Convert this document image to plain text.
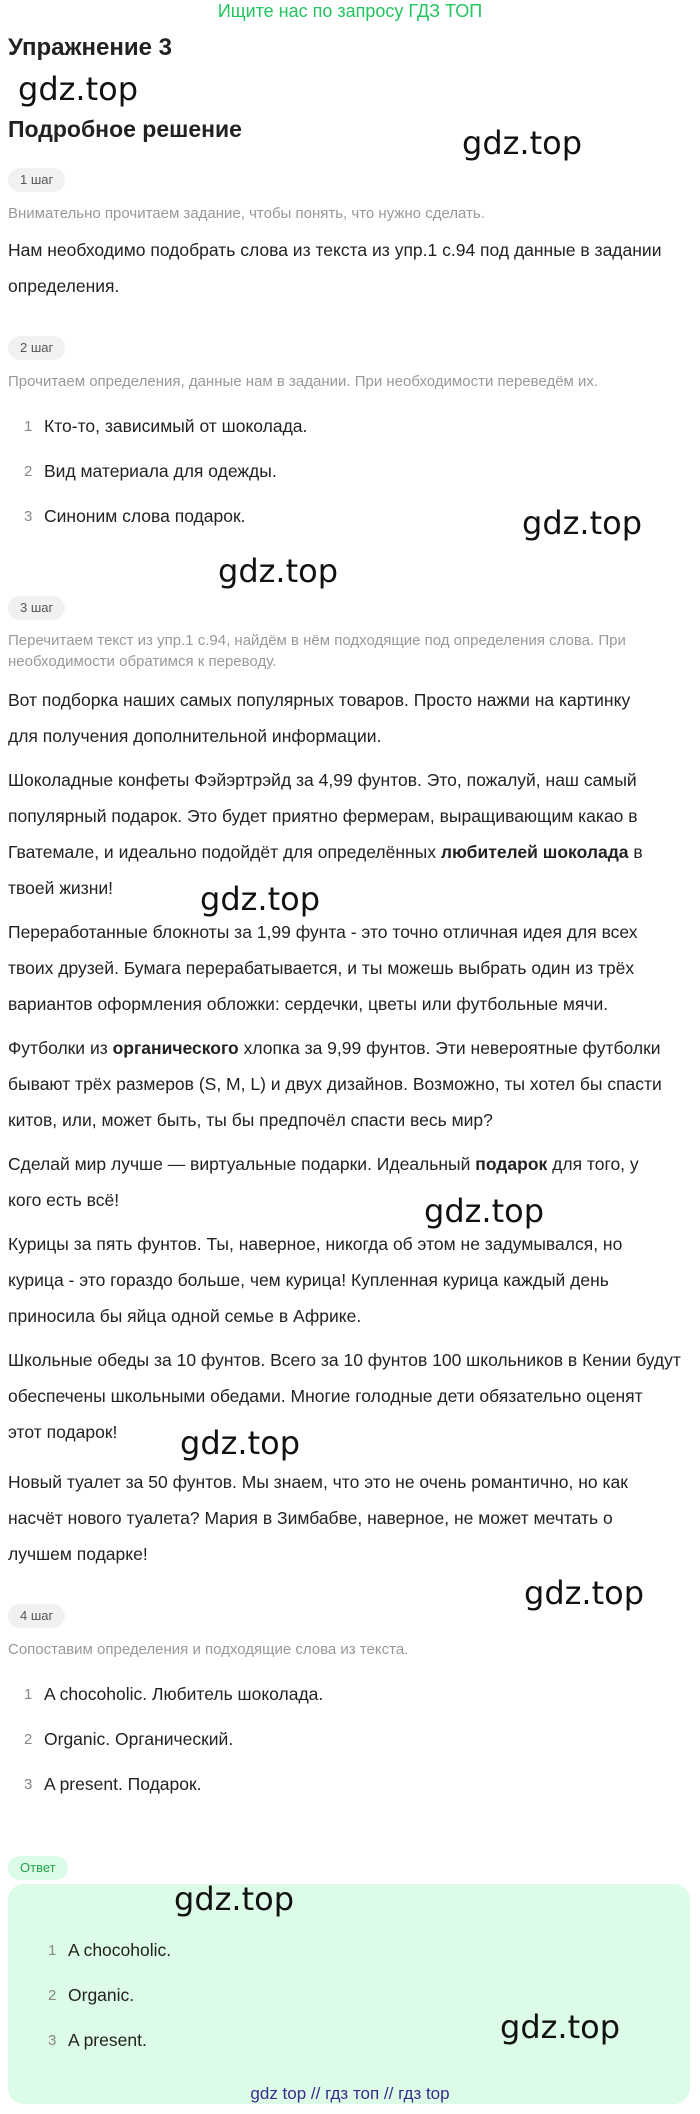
Ищите нас по запросу ГДЗ ТОП
Упражнение 3
gdz.top
Подробное решение	gdz.top
1 шаг
Внимательно прочитаем задание, чтобы понять, что нужно сделать.
Нам необходимо подобрать слова из текста из упр.1 с.94 под данные в задании
определения.
2 шаг
Прочитаем определения, данные нам в задании. При необходимости переведём их.
1 Кто-то, зависимый от шоколада.
2 Вид материала для одежды.
3 Синоним слова подарок.	gdz.top
gdz.top
3 шаг
Перечитаем текст из упр.1 с.94, найдём в нём подходящие под определения слова. При
необходимости обратимся к переводу.
Вот подборка наших самых популярных товаров. Просто нажми на картинку
для получения дополнительной информации.
Шоколадные конфеты Фэйэртрэйд за 4,99 фунтов. Это, пожалуй, наш самый
популярный подарок. Это будет приятно фермерам, выращивающим какао в
Гватемале, и идеально подойдёт для определённых любителей шоколада в
твоей жизни!	gdz.top
Переработанные блокноты за 1,99 фунта - это точно отличная идея для всех
твоих друзей. Бумага перерабатывается, и ты можешь выбрать один из трёх
вариантов оформления обложки: сердечки, цветы или футбольные мячи.
Футболки из органического хлопка за 9,99 фунтов. Эти невероятные футболки
бывают трёх размеров (S, M, L) и двух дизайнов. Возможно, ты хотел бы спасти
китов, или, может быть, ты бы предпочёл спасти весь мир?
Сделай мир лучше — виртуальные подарки. Идеальный подарок для того, у
кого есть всё!	gdz.top
Курицы за пять фунтов. Ты, наверное, никогда об этом не задумывался, но
курица - это гораздо больше, чем курица! Купленная курица каждый день
приносила бы яйца одной семье в Африке.
Школьные обеды за 10 фунтов. Всего за 10 фунтов 100 школьников в Кении будут
обеспечены школьными обедами. Многие голодные дети обязательно оценят
этот подарок!	gdz.top
Новый туалет за 50 фунтов. Мы знаем, что это не очень романтично, но как
насчёт нового туалета? Мария в Зимбабве, наверное, не может мечтать о
лучшем подарке!
gdz.top
4 шаг
Сопоставим определения и подходящие слова из текста.
1 A chocoholic. Любитель шоколада.
2 Organic. Органический.
3 A present. Подарок.
Ответ
gdz.top
1 A chocoholic.
2 Organic.
3 A present.	gdz.top
gdz top // гдз топ // гдз top
